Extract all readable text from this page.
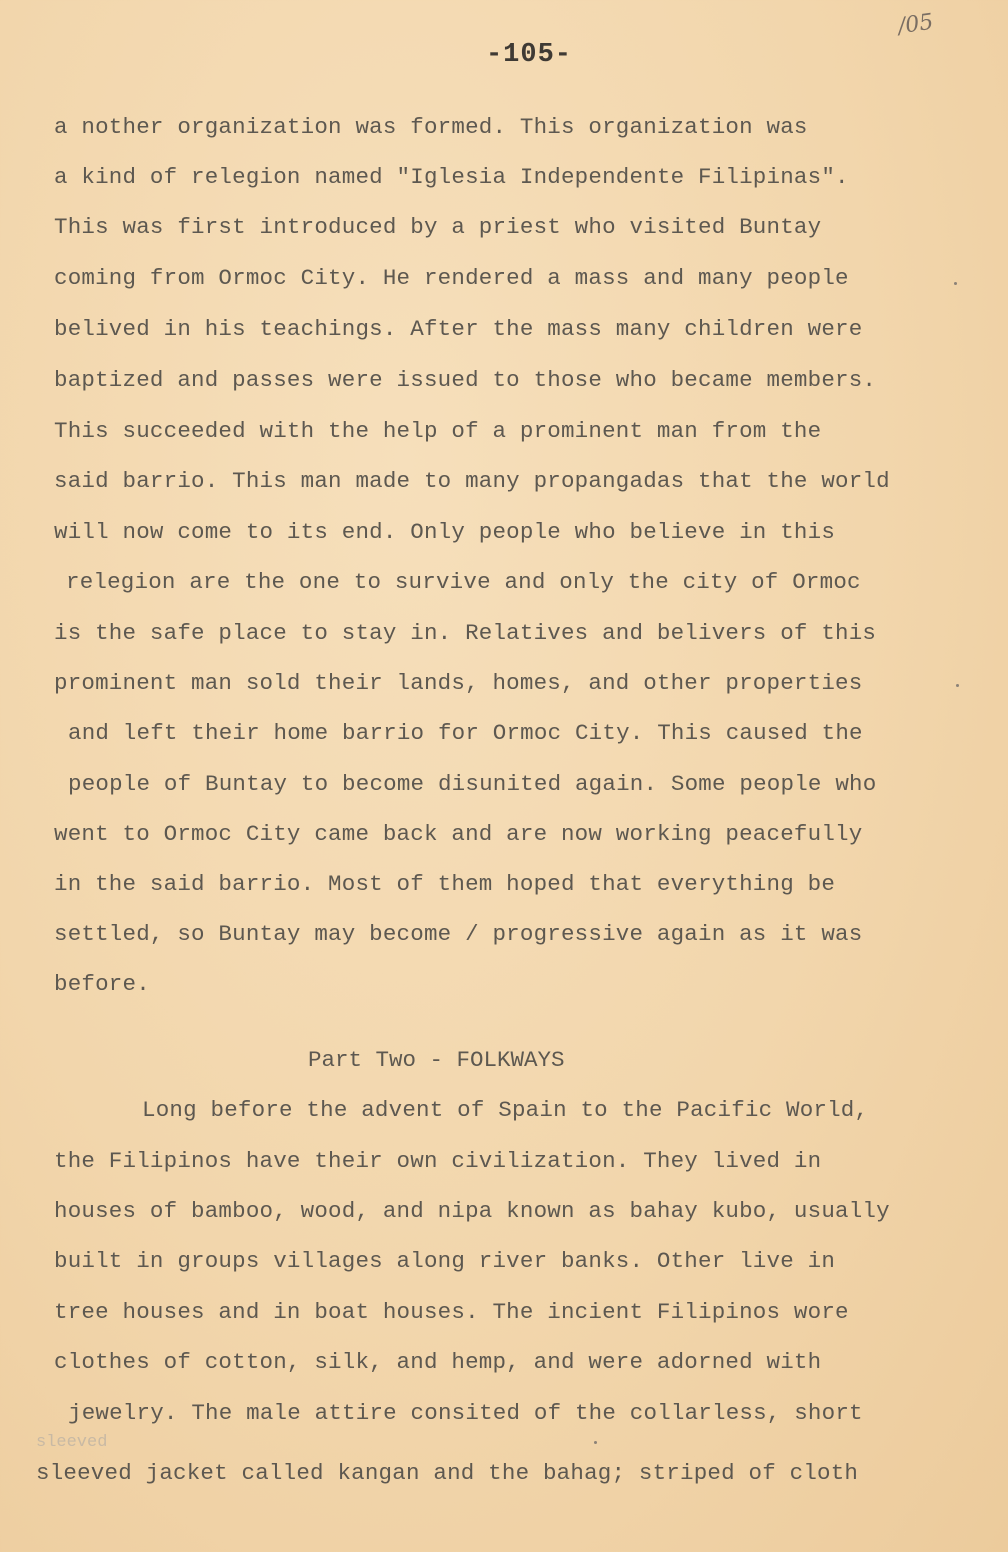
/05
-105-
a nother organization was formed. This organization was
a kind of relegion named "Iglesia Independente Filipinas".
This was first introduced by a priest who visited Buntay
coming from Ormoc City. He rendered a mass and many people
belived in his teachings. After the mass many children were
baptized and passes were issued to those who became members.
This succeeded with the help of a prominent man from the
said barrio. This man made to many propangadas that the world
will now come to its end. Only people who believe in this
relegion are the one to survive and only the city of Ormoc
is the safe place to stay in. Relatives and belivers of this
prominent man sold their lands, homes, and other properties
and left their home barrio for Ormoc City. This caused the
people of Buntay to become disunited again. Some people who
went to Ormoc City came back and are now working peacefully
in the said barrio. Most of them hoped that everything be
settled, so Buntay may become / progressive again as it was
before.
Part Two - FOLKWAYS
Long before the advent of Spain to the Pacific World,
the Filipinos have their own civilization. They lived in
houses of bamboo, wood, and nipa known as bahay kubo, usually
built in groups villages along river banks. Other live in
tree houses and in boat houses. The incient Filipinos wore
clothes of cotton, silk, and hemp, and were adorned with
jewelry. The male attire consited of the collarless, short
sleeved
sleeved jacket called kangan and the bahag; striped of cloth
